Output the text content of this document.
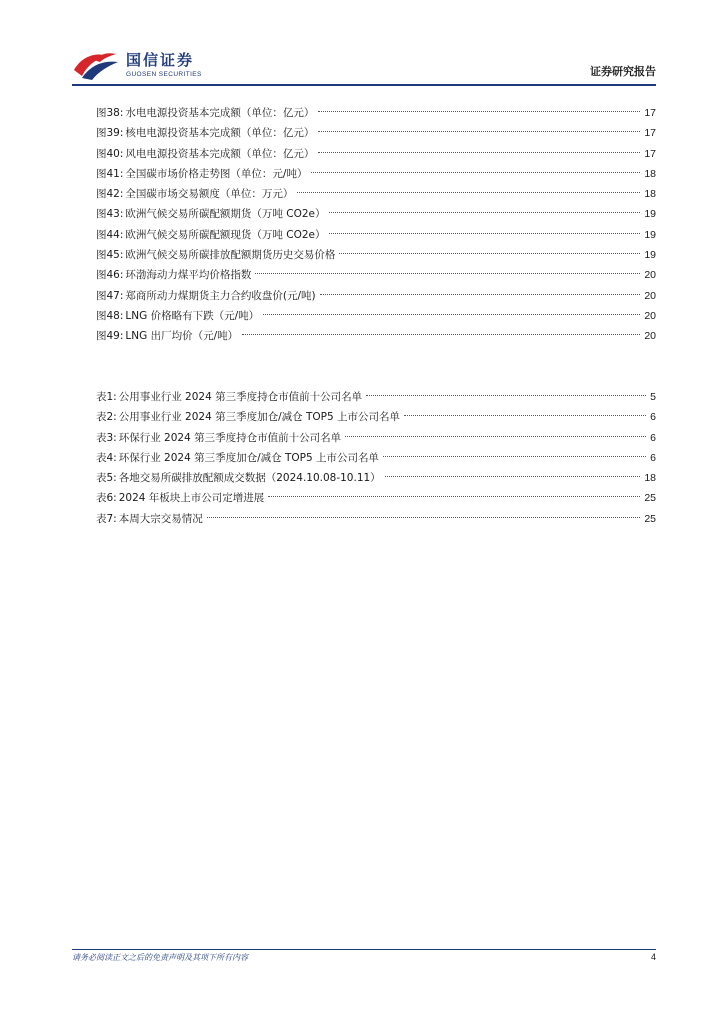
国信证券
GUOSEN SECURITIES	证券研究报告
图38: 水电电源投资基本完成额（单位：亿元）	17
图39: 核电电源投资基本完成额（单位：亿元）	17
图40: 风电电源投资基本完成额（单位：亿元）	17
图41: 全国碳市场价格走势图（单位：元/吨）	18
图42: 全国碳市场交易额度（单位：万元）	18
图43: 欧洲气候交易所碳配额期货（万吨 CO2e）	19
图44: 欧洲气候交易所碳配额现货（万吨 CO2e）	19
图45: 欧洲气候交易所碳排放配额期货历史交易价格	19
图46: 环渤海动力煤平均价格指数	20
图47: 郑商所动力煤期货主力合约收盘价(元/吨)	20
图48: LNG 价格略有下跌（元/吨）	20
图49: LNG 出厂均价（元/吨）	20
表1: 公用事业行业 2024 第三季度持仓市值前十公司名单	5
表2: 公用事业行业 2024 第三季度加仓/减仓 TOP5 上市公司名单	6
表3: 环保行业 2024 第三季度持仓市值前十公司名单	6
表4: 环保行业 2024 第三季度加仓/减仓 TOP5 上市公司名单	6
表5: 各地交易所碳排放配额成交数据（2024.10.08-10.11）	18
表6: 2024 年板块上市公司定增进展	25
表7: 本周大宗交易情况	25
请务必阅读正文之后的免责声明及其项下所有内容	4
